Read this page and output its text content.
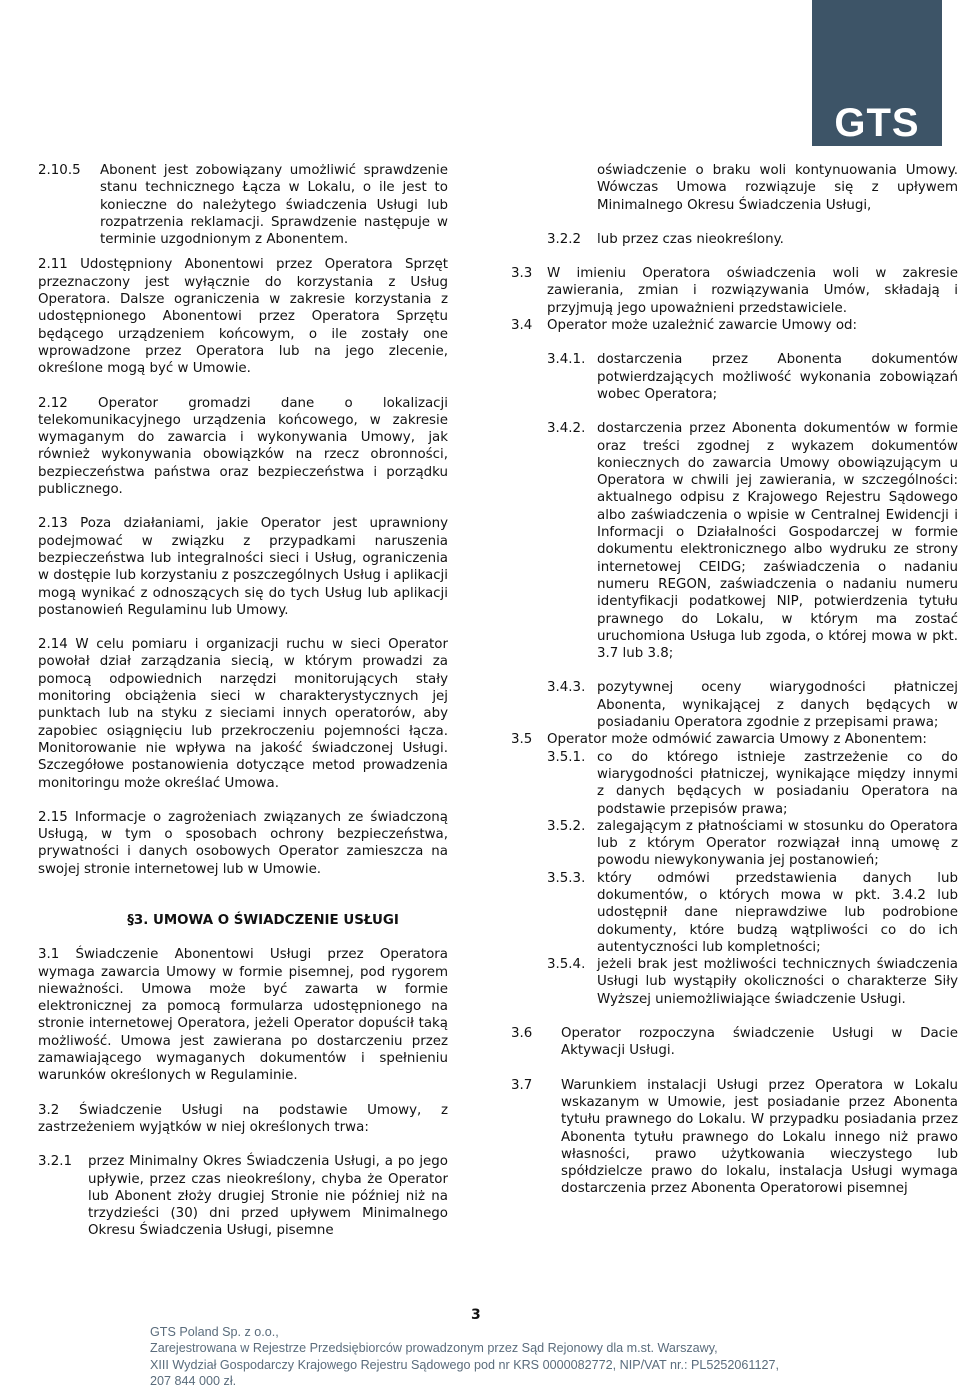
GTS
2.10.5 Abonent jest zobowiązany umożliwić sprawdzenie stanu technicznego Łącza w Lokalu, o ile jest to konieczne do należytego świadczenia Usługi lub rozpatrzenia reklamacji. Sprawdzenie następuje w terminie uzgodnionym z Abonentem.
2.11 Udostępniony Abonentowi przez Operatora Sprzęt przeznaczony jest wyłącznie do korzystania z Usług Operatora. Dalsze ograniczenia w zakresie korzystania z udostępnionego Abonentowi przez Operatora Sprzętu będącego urządzeniem końcowym, o ile zostały one wprowadzone przez Operatora lub na jego zlecenie, określone mogą być w Umowie.
2.12 Operator gromadzi dane o lokalizacji telekomunikacyjnego urządzenia końcowego, w zakresie wymaganym do zawarcia i wykonywania Umowy, jak również wykonywania obowiązków na rzecz obronności, bezpieczeństwa państwa oraz bezpieczeństwa i porządku publicznego.
2.13 Poza działaniami, jakie Operator jest uprawniony podejmować w związku z przypadkami naruszenia bezpieczeństwa lub integralności sieci i Usług, ograniczenia w dostępie lub korzystaniu z poszczególnych Usług i aplikacji mogą wynikać z odnoszących się do tych Usług lub aplikacji postanowień Regulaminu lub Umowy.
2.14 W celu pomiaru i organizacji ruchu w sieci Operator powołał dział zarządzania siecią, w którym prowadzi za pomocą odpowiednich narzędzi monitorujących stały monitoring obciążenia sieci w charakterystycznych jej punktach lub na styku z sieciami innych operatorów, aby zapobiec osiągnięciu lub przekroczeniu pojemności łącza. Monitorowanie nie wpływa na jakość świadczonej Usługi. Szczegółowe postanowienia dotyczące metod prowadzenia monitoringu może określać Umowa.
2.15 Informacje o zagrożeniach związanych ze świadczoną Usługą, w tym o sposobach ochrony bezpieczeństwa, prywatności i danych osobowych Operator zamieszcza na swojej stronie internetowej lub w Umowie.
§3. UMOWA O ŚWIADCZENIE USŁUGI
3.1 Świadczenie Abonentowi Usługi przez Operatora wymaga zawarcia Umowy w formie pisemnej, pod rygorem nieważności. Umowa może być zawarta w formie elektronicznej za pomocą formularza udostępnionego na stronie internetowej Operatora, jeżeli Operator dopuścił taką możliwość. Umowa jest zawierana po dostarczeniu przez zamawiającego wymaganych dokumentów i spełnieniu warunków określonych w Regulaminie.
3.2 Świadczenie Usługi na podstawie Umowy, z zastrzeżeniem wyjątków w niej określonych trwa:
3.2.1 przez Minimalny Okres Świadczenia Usługi, a po jego upływie, przez czas nieokreślony, chyba że Operator lub Abonent złoży drugiej Stronie nie później niż na trzydzieści (30) dni przed upływem Minimalnego Okresu Świadczenia Usługi, pisemne
oświadczenie o braku woli kontynuowania Umowy. Wówczas Umowa rozwiązuje się z upływem Minimalnego Okresu Świadczenia Usługi,
3.2.2 lub przez czas nieokreślony.
3.3 W imieniu Operatora oświadczenia woli w zakresie zawierania, zmian i rozwiązywania Umów, składają i przyjmują jego upoważnieni przedstawiciele.
3.4 Operator może uzależnić zawarcie Umowy od:
3.4.1. dostarczenia przez Abonenta dokumentów potwierdzających możliwość wykonania zobowiązań wobec Operatora;
3.4.2. dostarczenia przez Abonenta dokumentów w formie oraz treści zgodnej z wykazem dokumentów koniecznych do zawarcia Umowy obowiązującym u Operatora w chwili jej zawierania, w szczególności: aktualnego odpisu z Krajowego Rejestru Sądowego albo zaświadczenia o wpisie w Centralnej Ewidencji i Informacji o Działalności Gospodarczej w formie dokumentu elektronicznego albo wydruku ze strony internetowej CEIDG; zaświadczenia o nadaniu numeru REGON, zaświadczenia o nadaniu numeru identyfikacji podatkowej NIP, potwierdzenia tytułu prawnego do Lokalu, w którym ma zostać uruchomiona Usługa lub zgoda, o której mowa w pkt. 3.7 lub 3.8;
3.4.3. pozytywnej oceny wiarygodności płatniczej Abonenta, wynikającej z danych będących w posiadaniu Operatora zgodnie z przepisami prawa;
3.5 Operator może odmówić zawarcia Umowy z Abonentem:
3.5.1. co do którego istnieje zastrzeżenie co do wiarygodności płatniczej, wynikające między innymi z danych będących w posiadaniu Operatora na podstawie przepisów prawa;
3.5.2. zalegającym z płatnościami w stosunku do Operatora lub z którym Operator rozwiązał inną umowę z powodu niewykonywania jej postanowień;
3.5.3. który odmówi przedstawienia danych lub dokumentów, o których mowa w pkt. 3.4.2 lub udostępnił dane nieprawdziwe lub podrobione dokumenty, które budzą wątpliwości co do ich autentyczności lub kompletności;
3.5.4. jeżeli brak jest możliwości technicznych świadczenia Usługi lub wystąpiły okoliczności o charakterze Siły Wyższej uniemożliwiające świadczenie Usługi.
3.6 Operator rozpoczyna świadczenie Usługi w Dacie Aktywacji Usługi.
3.7 Warunkiem instalacji Usługi przez Operatora w Lokalu wskazanym w Umowie, jest posiadanie przez Abonenta tytułu prawnego do Lokalu. W przypadku posiadania przez Abonenta tytułu prawnego do Lokalu innego niż prawo własności, prawo użytkowania wieczystego lub spółdzielcze prawo do lokalu, instalacja Usługi wymaga dostarczenia przez Abonenta Operatorowi pisemnej
3
GTS Poland Sp. z o.o.,
Zarejestrowana w Rejestrze Przedsiębiorców prowadzonym przez Sąd Rejonowy dla m.st. Warszawy,
XIII Wydział Gospodarczy Krajowego Rejestru Sądowego pod nr KRS 0000082772, NIP/VAT nr.: PL5252061127,
207 844 000 zł.
